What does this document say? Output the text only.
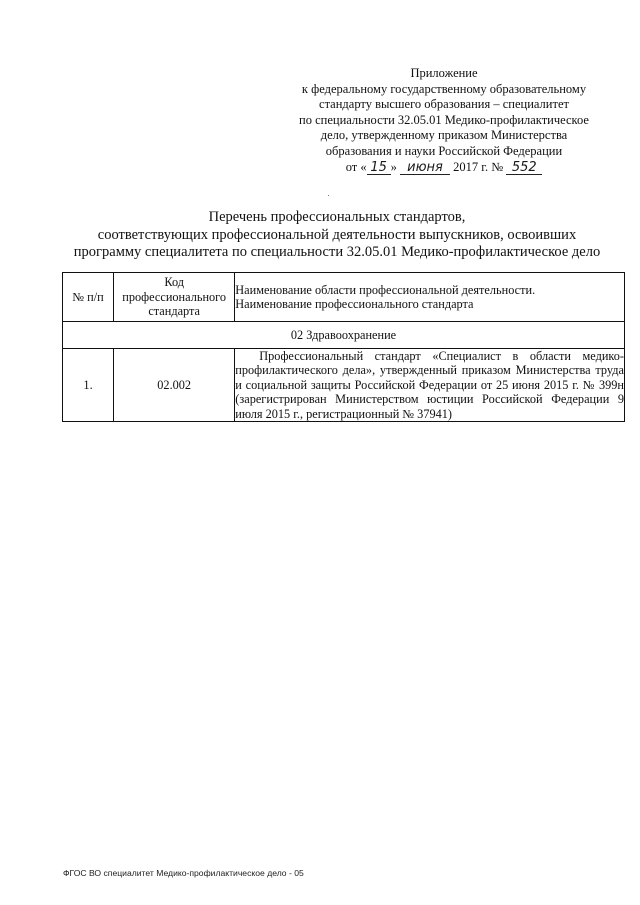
Приложение
к федеральному государственному образовательному
стандарту высшего образования – специалитет
по специальности 32.05.01 Медико-профилактическое
дело, утвержденному приказом Министерства
образования и науки Российской Федерации
от « 15 » июня 2017 г. № 552
Перечень профессиональных стандартов,
соответствующих профессиональной деятельности выпускников, освоивших
программу специалитета по специальности 32.05.01 Медико-профилактическое дело
№ п/п	Код профессионального стандарта	Наименование области профессиональной деятельности.
Наименование профессионального стандарта

02 Здравоохранение		
1.	02.002	Профессиональный стандарт «Специалист в области медико-профилактического дела», утвержденный приказом Министерства труда и социальной защиты Российской Федерации от 25 июня 2015 г. № 399н (зарегистрирован Министерством юстиции Российской Федерации 9 июля 2015 г., регистрационный № 37941)
ФГОС ВО специалитет Медико-профилактическое дело - 05
